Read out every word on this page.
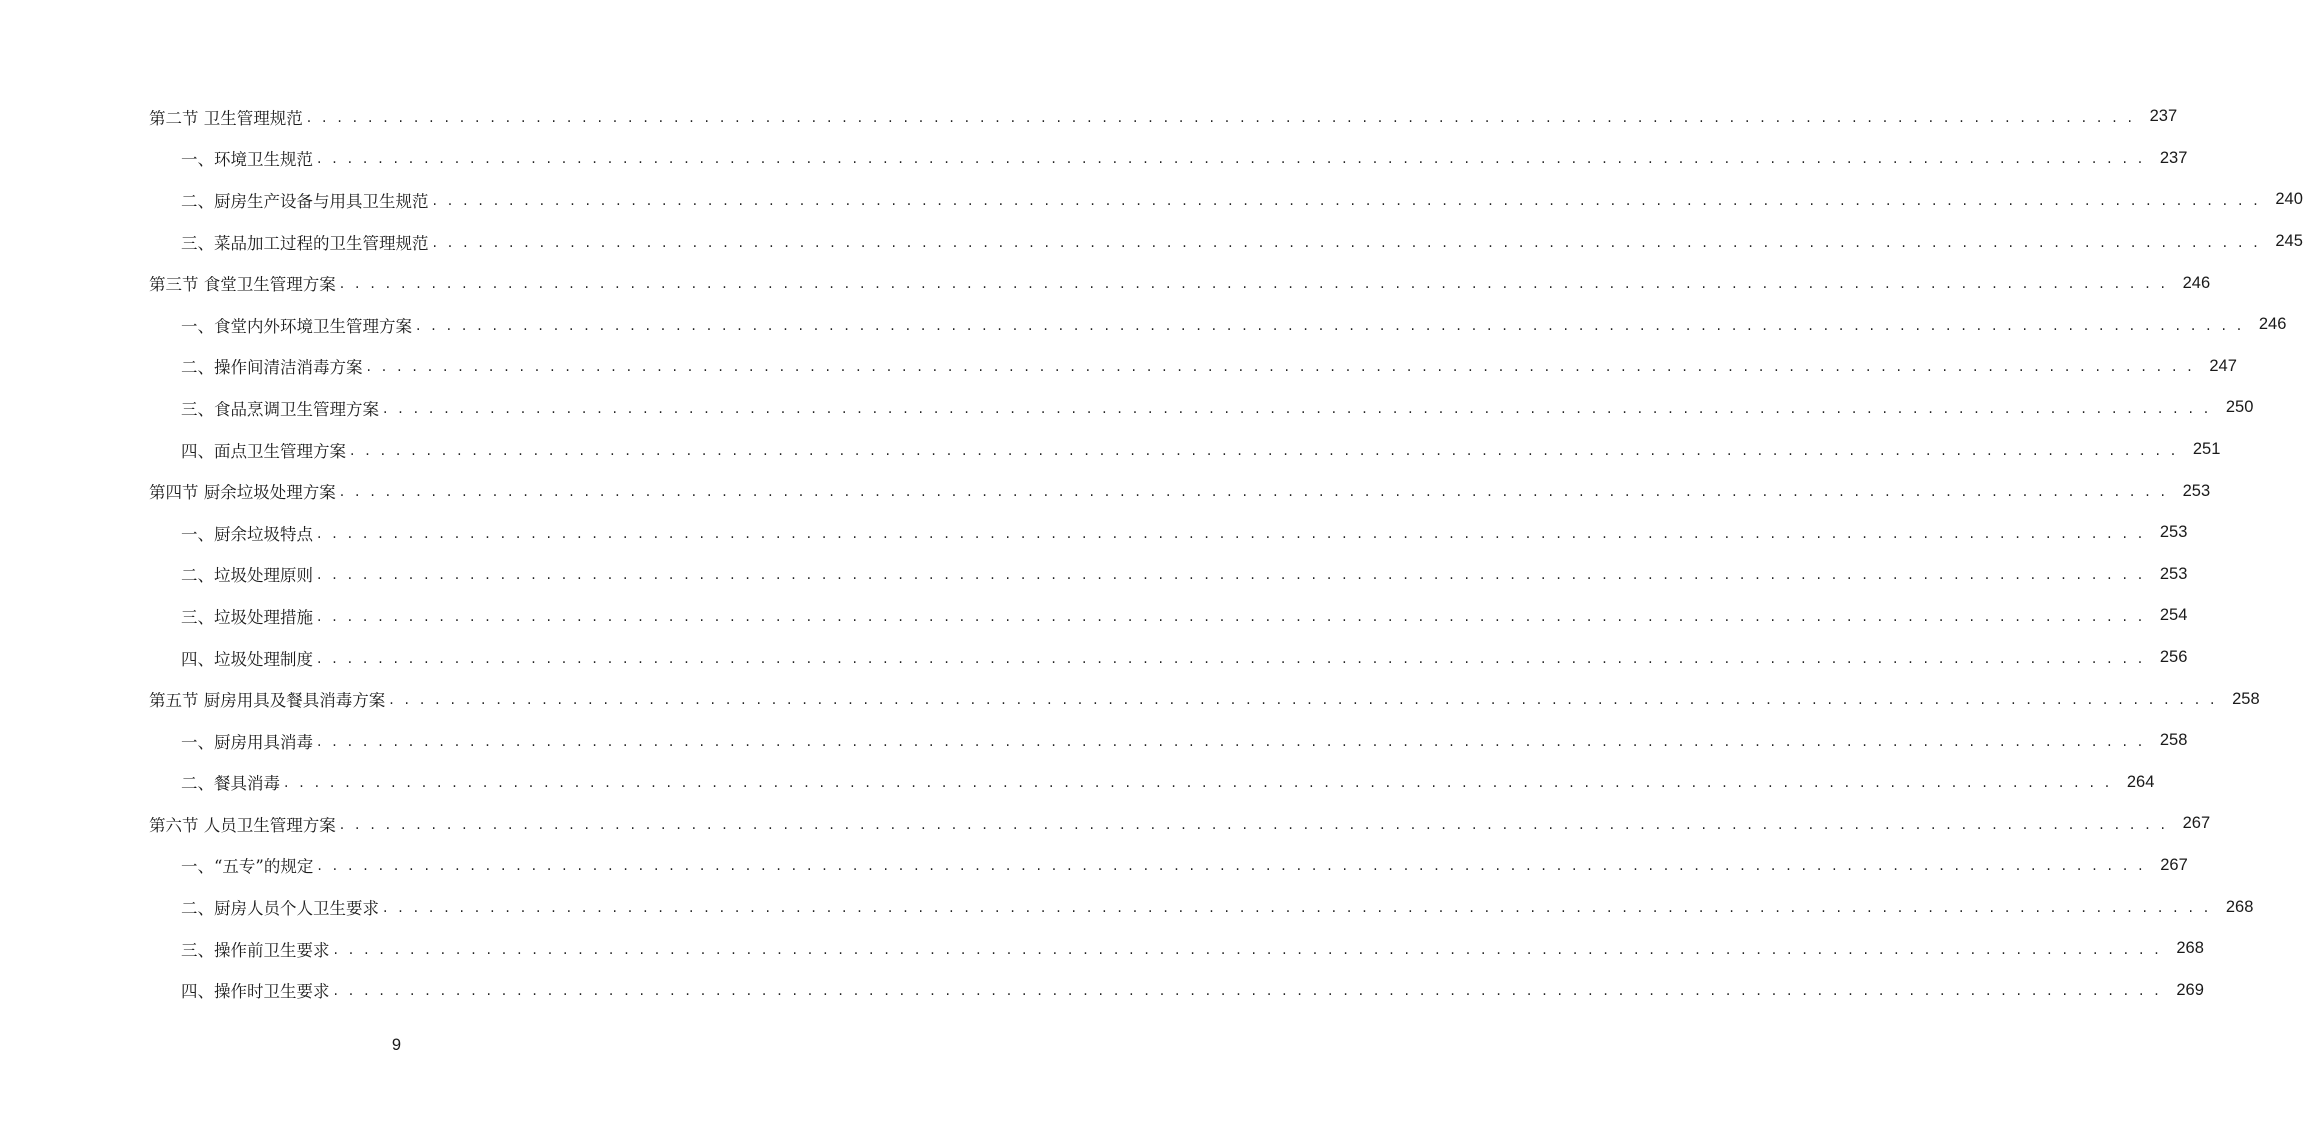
第二节 卫生管理规范 . . . . . . . . . . . . . . . . . . . . . . . . . . . . . . . . . . . . . . . . . . . . . . . . . . . . . . . . . . . . . . . . . . . . . . . . . . . . . . . . . . . . . . . . . . . . . . . . . . . . . . . . . . . . . . . . . . . . . . . . 237
一、环境卫生规范 . . . . . . . . . . . . . . . . . . . . . . . . . . . . . . . . . . . . . . . . . . . . . . . . . . . . . . . . . . . . . . . . . . . . . . . . . . . . . . . . . . . . . . . . . . . . . . . . . . . . . . . . . . . . . . . . . . . . . . . . 237
二、厨房生产设备与用具卫生规范 . . . . . . . . . . . . . . . . . . . . . . . . . . . . . . . . . . . . . . . . . . . . . . . . . . . . . . . . . . . . . . . . . . . . . . . . . . . . . . . . . . . . . . . . . . . . . . . . . . . . . . . . . . . . . . . . . . . . . . . . 240
三、菜品加工过程的卫生管理规范 . . . . . . . . . . . . . . . . . . . . . . . . . . . . . . . . . . . . . . . . . . . . . . . . . . . . . . . . . . . . . . . . . . . . . . . . . . . . . . . . . . . . . . . . . . . . . . . . . . . . . . . . . . . . . . . . . . . . . . . . 245
第三节 食堂卫生管理方案 . . . . . . . . . . . . . . . . . . . . . . . . . . . . . . . . . . . . . . . . . . . . . . . . . . . . . . . . . . . . . . . . . . . . . . . . . . . . . . . . . . . . . . . . . . . . . . . . . . . . . . . . . . . . . . . . . . . . . . . . 246
一、食堂内外环境卫生管理方案 . . . . . . . . . . . . . . . . . . . . . . . . . . . . . . . . . . . . . . . . . . . . . . . . . . . . . . . . . . . . . . . . . . . . . . . . . . . . . . . . . . . . . . . . . . . . . . . . . . . . . . . . . . . . . . . . . . . . . . . . 246
二、操作间清洁消毒方案 . . . . . . . . . . . . . . . . . . . . . . . . . . . . . . . . . . . . . . . . . . . . . . . . . . . . . . . . . . . . . . . . . . . . . . . . . . . . . . . . . . . . . . . . . . . . . . . . . . . . . . . . . . . . . . . . . . . . . . . . 247
三、食品烹调卫生管理方案 . . . . . . . . . . . . . . . . . . . . . . . . . . . . . . . . . . . . . . . . . . . . . . . . . . . . . . . . . . . . . . . . . . . . . . . . . . . . . . . . . . . . . . . . . . . . . . . . . . . . . . . . . . . . . . . . . . . . . . . . 250
四、面点卫生管理方案 . . . . . . . . . . . . . . . . . . . . . . . . . . . . . . . . . . . . . . . . . . . . . . . . . . . . . . . . . . . . . . . . . . . . . . . . . . . . . . . . . . . . . . . . . . . . . . . . . . . . . . . . . . . . . . . . . . . . . . . . 251
第四节 厨余垃圾处理方案 . . . . . . . . . . . . . . . . . . . . . . . . . . . . . . . . . . . . . . . . . . . . . . . . . . . . . . . . . . . . . . . . . . . . . . . . . . . . . . . . . . . . . . . . . . . . . . . . . . . . . . . . . . . . . . . . . . . . . . . . 253
一、厨余垃圾特点 . . . . . . . . . . . . . . . . . . . . . . . . . . . . . . . . . . . . . . . . . . . . . . . . . . . . . . . . . . . . . . . . . . . . . . . . . . . . . . . . . . . . . . . . . . . . . . . . . . . . . . . . . . . . . . . . . . . . . . . . 253
二、垃圾处理原则 . . . . . . . . . . . . . . . . . . . . . . . . . . . . . . . . . . . . . . . . . . . . . . . . . . . . . . . . . . . . . . . . . . . . . . . . . . . . . . . . . . . . . . . . . . . . . . . . . . . . . . . . . . . . . . . . . . . . . . . . 253
三、垃圾处理措施 . . . . . . . . . . . . . . . . . . . . . . . . . . . . . . . . . . . . . . . . . . . . . . . . . . . . . . . . . . . . . . . . . . . . . . . . . . . . . . . . . . . . . . . . . . . . . . . . . . . . . . . . . . . . . . . . . . . . . . . . 254
四、垃圾处理制度 . . . . . . . . . . . . . . . . . . . . . . . . . . . . . . . . . . . . . . . . . . . . . . . . . . . . . . . . . . . . . . . . . . . . . . . . . . . . . . . . . . . . . . . . . . . . . . . . . . . . . . . . . . . . . . . . . . . . . . . . 256
第五节 厨房用具及餐具消毒方案 . . . . . . . . . . . . . . . . . . . . . . . . . . . . . . . . . . . . . . . . . . . . . . . . . . . . . . . . . . . . . . . . . . . . . . . . . . . . . . . . . . . . . . . . . . . . . . . . . . . . . . . . . . . . . . . . . . . . . . . . 258
一、厨房用具消毒 . . . . . . . . . . . . . . . . . . . . . . . . . . . . . . . . . . . . . . . . . . . . . . . . . . . . . . . . . . . . . . . . . . . . . . . . . . . . . . . . . . . . . . . . . . . . . . . . . . . . . . . . . . . . . . . . . . . . . . . . 258
二、餐具消毒 . . . . . . . . . . . . . . . . . . . . . . . . . . . . . . . . . . . . . . . . . . . . . . . . . . . . . . . . . . . . . . . . . . . . . . . . . . . . . . . . . . . . . . . . . . . . . . . . . . . . . . . . . . . . . . . . . . . . . . . . 264
第六节 人员卫生管理方案 . . . . . . . . . . . . . . . . . . . . . . . . . . . . . . . . . . . . . . . . . . . . . . . . . . . . . . . . . . . . . . . . . . . . . . . . . . . . . . . . . . . . . . . . . . . . . . . . . . . . . . . . . . . . . . . . . . . . . . . . 267
一、“五专”的规定 . . . . . . . . . . . . . . . . . . . . . . . . . . . . . . . . . . . . . . . . . . . . . . . . . . . . . . . . . . . . . . . . . . . . . . . . . . . . . . . . . . . . . . . . . . . . . . . . . . . . . . . . . . . . . . . . . . . . . . . . 267
二、厨房人员个人卫生要求 . . . . . . . . . . . . . . . . . . . . . . . . . . . . . . . . . . . . . . . . . . . . . . . . . . . . . . . . . . . . . . . . . . . . . . . . . . . . . . . . . . . . . . . . . . . . . . . . . . . . . . . . . . . . . . . . . . . . . . . . 268
三、操作前卫生要求 . . . . . . . . . . . . . . . . . . . . . . . . . . . . . . . . . . . . . . . . . . . . . . . . . . . . . . . . . . . . . . . . . . . . . . . . . . . . . . . . . . . . . . . . . . . . . . . . . . . . . . . . . . . . . . . . . . . . . . . . 268
四、操作时卫生要求 . . . . . . . . . . . . . . . . . . . . . . . . . . . . . . . . . . . . . . . . . . . . . . . . . . . . . . . . . . . . . . . . . . . . . . . . . . . . . . . . . . . . . . . . . . . . . . . . . . . . . . . . . . . . . . . . . . . . . . . . 269
9
